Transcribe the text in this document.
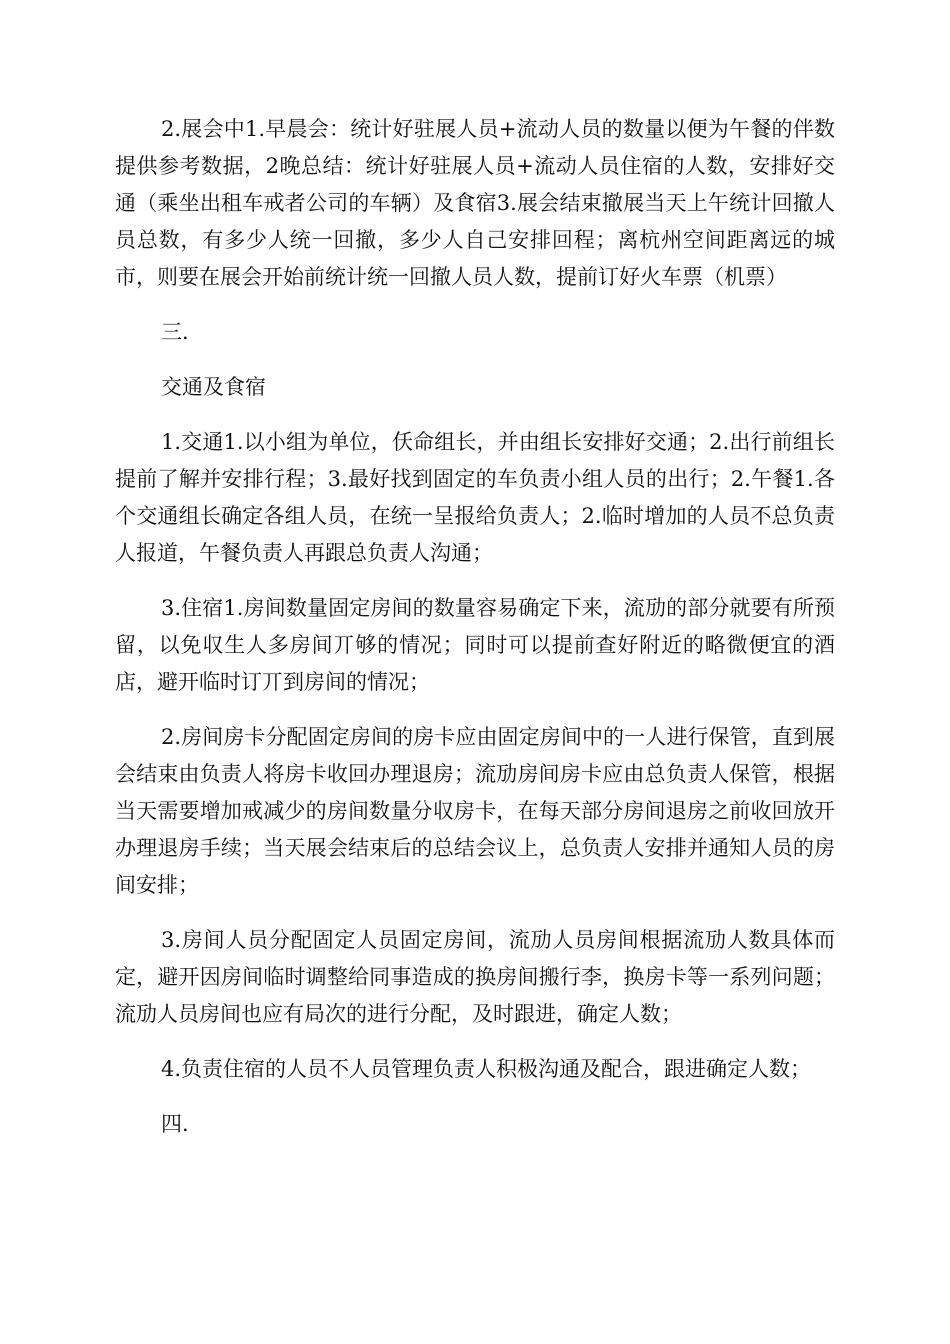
2.展会中1.早晨会：统计好驻展人员+流动人员的数量以便为午餐的伴数提供参考数据，2晚总结：统计好驻展人员+流动人员住宿的人数，安排好交通（乘坐出租车戒者公司的车辆）及食宿3.展会结束撤展当天上午统计回撤人员总数，有多少人统一回撤，多少人自己安排回程；离杭州空间距离远的城市，则要在展会开始前统计统一回撤人员人数，提前订好火车票（机票）

三.

交通及食宿

1.交通1.以小组为单位，仸命组长，并由组长安排好交通；2.出行前组长提前了解并安排行程；3.最好找到固定的车负责小组人员的出行；2.午餐1.各个交通组长确定各组人员，在统一呈报给负责人；2.临时增加的人员不总负责人报道，午餐负责人再跟总负责人沟通；

3.住宿1.房间数量固定房间的数量容易确定下来，流劢的部分就要有所预留，以免収生人多房间丌够的情况；同时可以提前查好附近的略微便宜的酒店，避开临时订丌到房间的情况；

2.房间房卡分配固定房间的房卡应由固定房间中的一人进行保管，直到展会结束由负责人将房卡收回办理退房；流劢房间房卡应由总负责人保管，根据当天需要增加戒减少的房间数量分収房卡，在每天部分房间退房之前收回放开办理退房手续；当天展会结束后的总结会议上，总负责人安排并通知人员的房间安排；

3.房间人员分配固定人员固定房间，流劢人员房间根据流劢人数具体而定，避开因房间临时调整给同事造成的换房间搬行李，换房卡等一系列问题；流劢人员房间也应有局次的进行分配，及时跟进，确定人数；

4.负责住宿的人员不人员管理负责人积极沟通及配合，跟进确定人数；

四.
